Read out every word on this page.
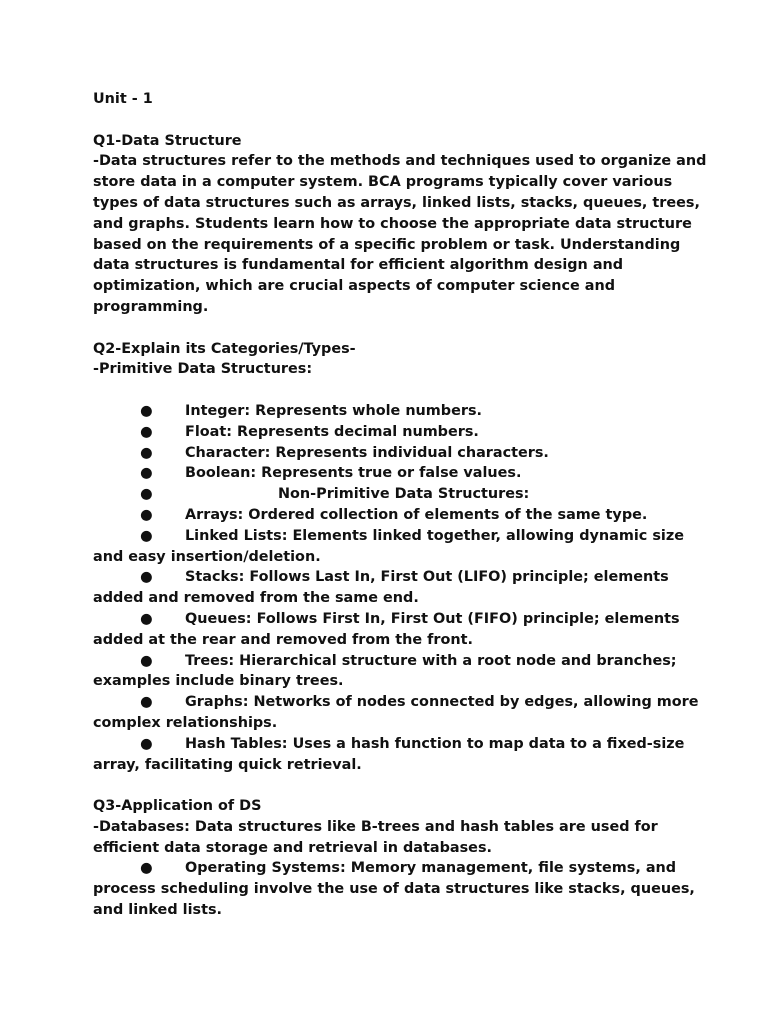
Unit - 1

Q1-Data Structure

-Data structures refer to the methods and techniques used to organize and store data in a computer system. BCA programs typically cover various types of data structures such as arrays, linked lists, stacks, queues, trees, and graphs. Students learn how to choose the appropriate data structure based on the requirements of a specific problem or task. Understanding data structures is fundamental for efficient algorithm design and optimization, which are crucial aspects of computer science and programming.

Q2-Explain its Categories/Types-

-Primitive Data Structures:

● Integer: Represents whole numbers.

● Float: Represents decimal numbers.

● Character: Represents individual characters.

● Boolean: Represents true or false values.

●	Non-Primitive Data Structures:

● Arrays: Ordered collection of elements of the same type.

● Linked Lists: Elements linked together, allowing dynamic size and easy insertion/deletion.

● Stacks: Follows Last In, First Out (LIFO) principle; elements added and removed from the same end.

● Queues: Follows First In, First Out (FIFO) principle; elements added at the rear and removed from the front.

● Trees: Hierarchical structure with a root node and branches; examples include binary trees.

● Graphs: Networks of nodes connected by edges, allowing more complex relationships.

● Hash Tables: Uses a hash function to map data to a fixed-size array, facilitating quick retrieval.

Q3-Application of DS

-Databases: Data structures like B-trees and hash tables are used for efficient data storage and retrieval in databases.

● Operating Systems: Memory management, file systems, and process scheduling involve the use of data structures like stacks, queues, and linked lists.
